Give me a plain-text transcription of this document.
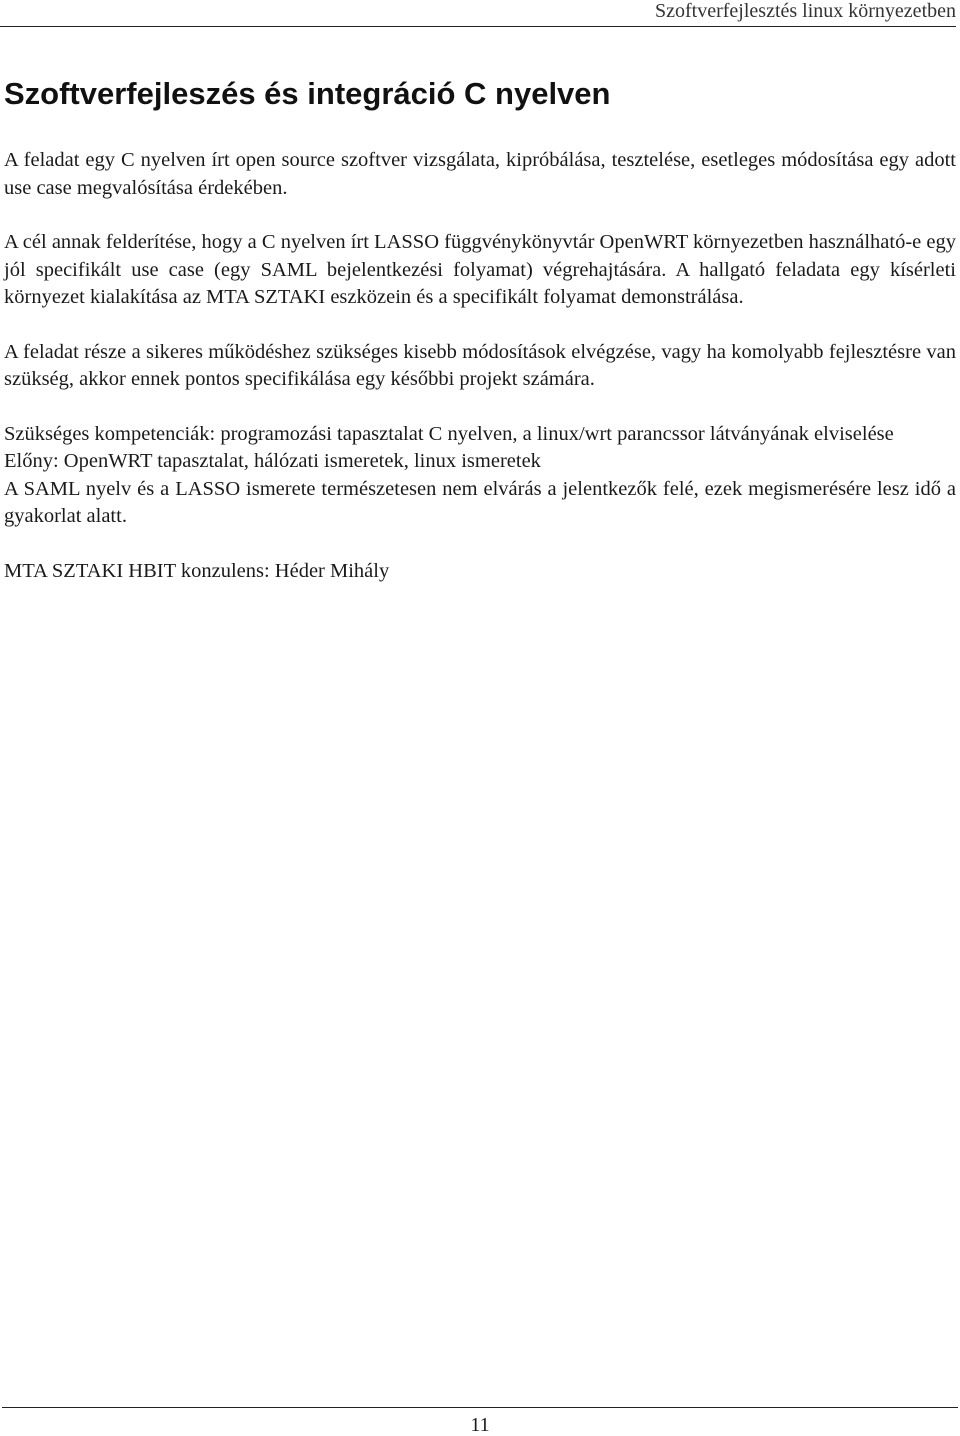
Szoftverfejlesztés linux környezetben
Szoftverfejleszés és integráció C nyelven

A feladat egy C nyelven írt open source szoftver vizsgálata, kipróbálása, tesztelése, esetleges módosítása egy adott use case megvalósítása érdekében.

A cél annak felderítése, hogy a C nyelven írt LASSO függvénykönyvtár OpenWRT környezetben használható-e egy jól specifikált use case (egy SAML bejelentkezési folyamat) végrehajtására. A hallgató feladata egy kísérleti környezet kialakítása az MTA SZTAKI eszközein és a specifikált folyamat demonstrálása.

A feladat része a sikeres működéshez szükséges kisebb módosítások elvégzése, vagy ha komolyabb fejlesztésre van szükség, akkor ennek pontos specifikálása egy későbbi projekt számára.

Szükséges kompetenciák: programozási tapasztalat C nyelven, a linux/wrt parancssor látványának elviselése

Előny: OpenWRT tapasztalat, hálózati ismeretek, linux ismeretek

A SAML nyelv és a LASSO ismerete természetesen nem elvárás a jelentkezők felé, ezek megismerésére lesz idő a gyakorlat alatt.

MTA SZTAKI HBIT konzulens: Héder Mihály

11
